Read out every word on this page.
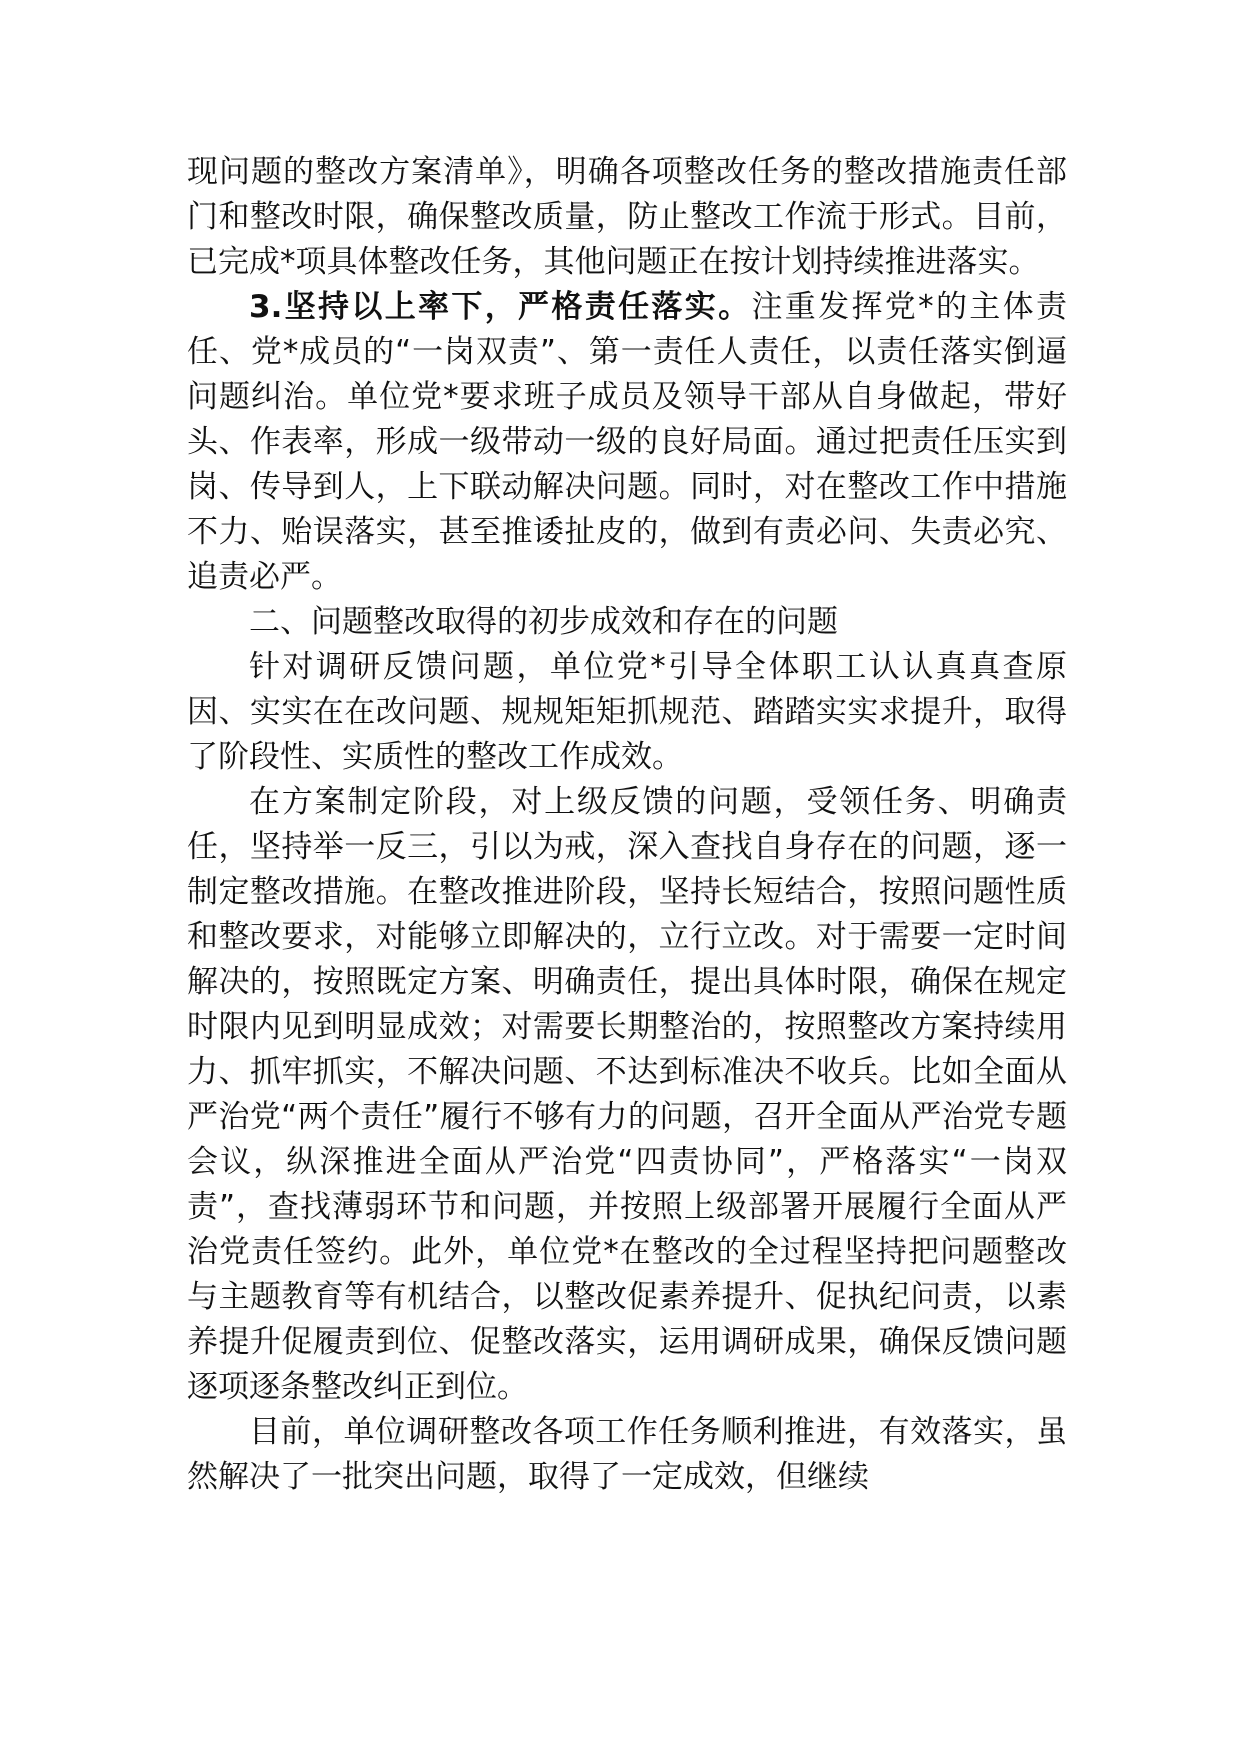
现问题的整改方案清单》，明确各项整改任务的整改措施责任部门和整改时限，确保整改质量，防止整改工作流于形式。目前，已完成*项具体整改任务，其他问题正在按计划持续推进落实。

3.坚持以上率下，严格责任落实。注重发挥党*的主体责任、党*成员的“一岗双责”、第一责任人责任，以责任落实倒逼问题纠治。单位党*要求班子成员及领导干部从自身做起，带好头、作表率，形成一级带动一级的良好局面。通过把责任压实到岗、传导到人，上下联动解决问题。同时，对在整改工作中措施不力、贻误落实，甚至推诿扯皮的，做到有责必问、失责必究、追责必严。

二、问题整改取得的初步成效和存在的问题

针对调研反馈问题，单位党*引导全体职工认认真真查原因、实实在在改问题、规规矩矩抓规范、踏踏实实求提升，取得了阶段性、实质性的整改工作成效。

在方案制定阶段，对上级反馈的问题，受领任务、明确责任，坚持举一反三，引以为戒，深入查找自身存在的问题，逐一制定整改措施。在整改推进阶段，坚持长短结合，按照问题性质和整改要求，对能够立即解决的，立行立改。对于需要一定时间解决的，按照既定方案、明确责任，提出具体时限，确保在规定时限内见到明显成效；对需要长期整治的，按照整改方案持续用力、抓牢抓实，不解决问题、不达到标准决不收兵。比如全面从严治党“两个责任”履行不够有力的问题，召开全面从严治党专题会议，纵深推进全面从严治党“四责协同”，严格落实“一岗双责”，查找薄弱环节和问题，并按照上级部署开展履行全面从严治党责任签约。此外，单位党*在整改的全过程坚持把问题整改与主题教育等有机结合，以整改促素养提升、促执纪问责，以素养提升促履责到位、促整改落实，运用调研成果，确保反馈问题逐项逐条整改纠正到位。

目前，单位调研整改各项工作任务顺利推进，有效落实，虽然解决了一批突出问题，取得了一定成效，但继续
